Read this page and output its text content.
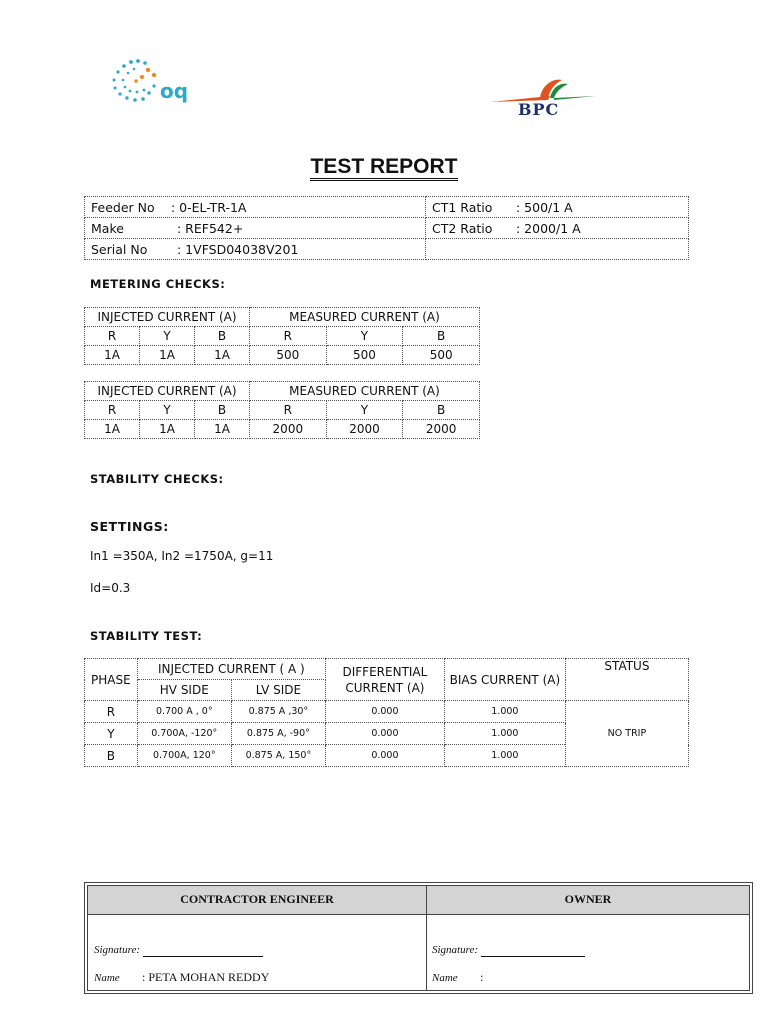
oq
BPC
TEST REPORT
Feeder No : 0-EL-TR-1A	CT1 Ratio : 500/1 A
Make : REF542+	CT2 Ratio : 2000/1 A
Serial No : 1VFSD04038V201	
METERING CHECKS:
INJECTED CURRENT (A)			MEASURED CURRENT (A)		
R	Y	B	R	Y	B
1A	1A	1A	500	500	500
INJECTED CURRENT (A)			MEASURED CURRENT (A)		
R	Y	B	R	Y	B
1A	1A	1A	2000	2000	2000
STABILITY CHECKS:
SETTINGS:
In1 =350A, In2 =1750A, g=11
Id=0.3
STABILITY TEST:
PHASE	INJECTED CURRENT ( A )		DIFFERENTIAL CURRENT (A)	BIAS CURRENT (A)	STATUS
	HV SIDE	LV SIDE			
R	0.700 A , 0°	0.875 A ,30°	0.000	1.000	NO TRIP
Y	0.700A, -120°	0.875 A, -90°	0.000	1.000	
B	0.700A, 120°	0.875 A, 150°	0.000	1.000	
CONTRACTOR ENGINEER	OWNER
Signature:
Name : PETA MOHAN REDDY
Signature:
Name :
